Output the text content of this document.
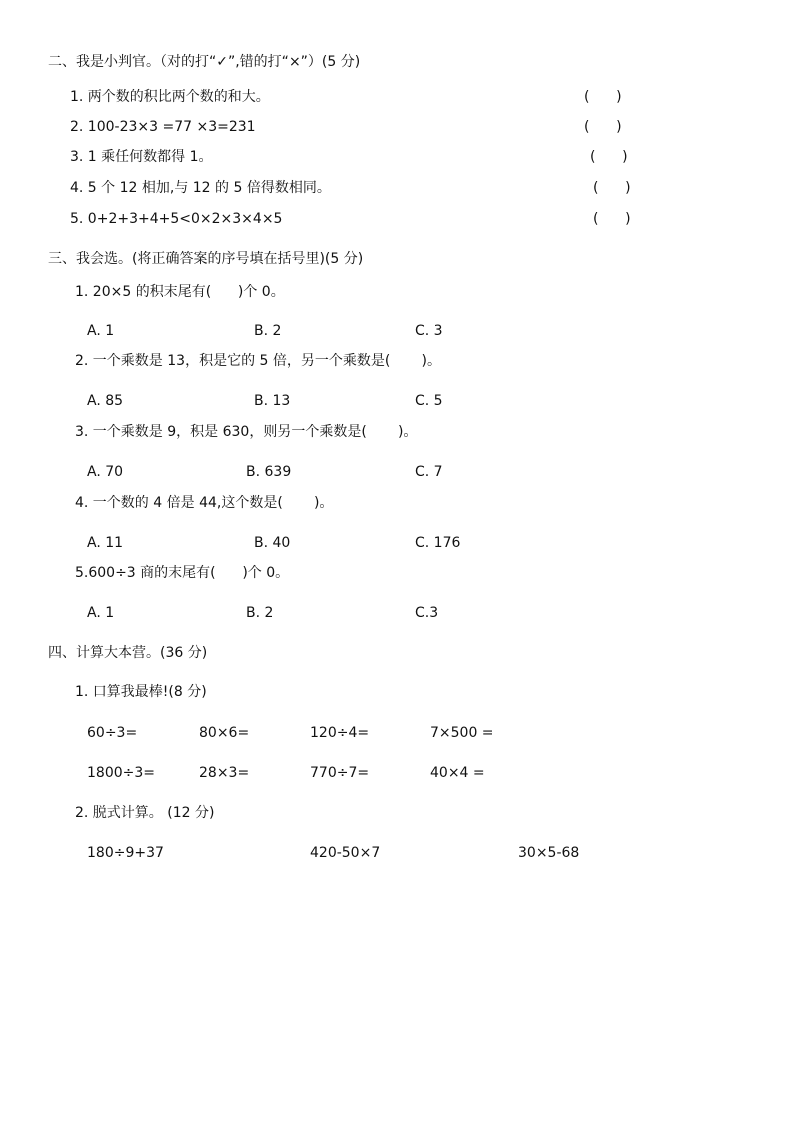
二、我是小判官。（对的打“✓”,错的打“×”）(5 分)
1. 两个数的积比两个数的和大。	(      )
2. 100-23×3 =77 ×3=231	(      )
3. 1 乘任何数都得 1。	(      )
4. 5 个 12 相加,与 12 的 5 倍得数相同。	(      )
5. 0+2+3+4+5<0×2×3×4×5	(      )
三、我会选。(将正确答案的序号填在括号里)(5 分)
1. 20×5 的积末尾有(      )个 0。
A. 1	B. 2	C. 3
2. 一个乘数是 13，积是它的 5 倍，另一个乘数是(       )。
A. 85	B. 13	C. 5
3. 一个乘数是 9，积是 630，则另一个乘数是(       )。
A. 70	B. 639	C. 7
4. 一个数的 4 倍是 44,这个数是(       )。
A. 11	B. 40	C. 176
5.600÷3 商的末尾有(      )个 0。
A. 1	B. 2	C.3
四、计算大本营。(36 分)
1. 口算我最棒!(8 分)
60÷3=	80×6=	120÷4=	7×500 =
1800÷3=	28×3=	770÷7=	40×4 =
2. 脱式计算。 (12 分)
180÷9+37	420-50×7	30×5-68
